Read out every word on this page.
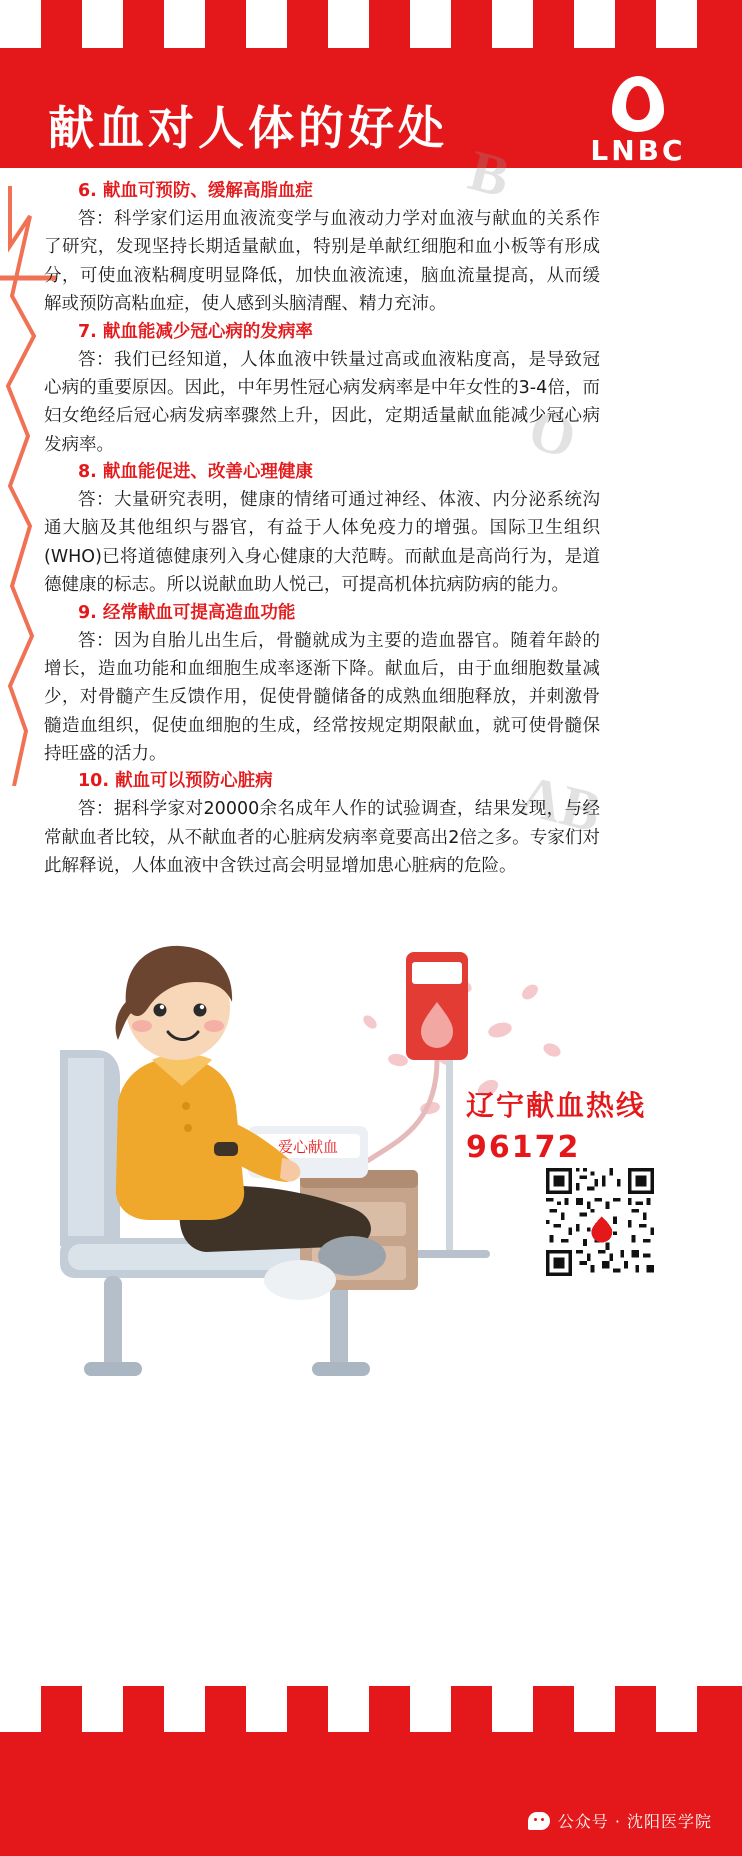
献血对人体的好处	LNBC
B
O
AB
6. 献血可预防、缓解高脂血症
答：科学家们运用血液流变学与血液动力学对血液与献血的关系作了研究，发现坚持长期适量献血，特别是单献红细胞和血小板等有形成分，可使血液粘稠度明显降低，加快血液流速，脑血流量提高，从而缓解或预防高粘血症，使人感到头脑清醒、精力充沛。
7. 献血能减少冠心病的发病率
答：我们已经知道，人体血液中铁量过高或血液粘度高，是导致冠心病的重要原因。因此，中年男性冠心病发病率是中年女性的3-4倍，而妇女绝经后冠心病发病率骤然上升，因此，定期适量献血能减少冠心病发病率。
8. 献血能促进、改善心理健康
答：大量研究表明，健康的情绪可通过神经、体液、内分泌系统沟通大脑及其他组织与器官，有益于人体免疫力的增强。国际卫生组织(WHO)已将道德健康列入身心健康的大范畴。而献血是高尚行为，是道德健康的标志。所以说献血助人悦己，可提高机体抗病防病的能力。
9. 经常献血可提高造血功能
答：因为自胎儿出生后，骨髓就成为主要的造血器官。随着年龄的增长，造血功能和血细胞生成率逐渐下降。献血后，由于血细胞数量减少，对骨髓产生反馈作用，促使骨髓储备的成熟血细胞释放，并刺激骨髓造血组织，促使血细胞的生成，经常按规定期限献血，就可使骨髓保持旺盛的活力。
10. 献血可以预防心脏病
答：据科学家对20000余名成年人作的试验调查，结果发现，与经常献血者比较，从不献血者的心脏病发病率竟要高出2倍之多。专家们对此解释说，人体血液中含铁过高会明显增加患心脏病的危险。
爱心献血
辽宁献血热线
96172
公众号 · 沈阳医学院
